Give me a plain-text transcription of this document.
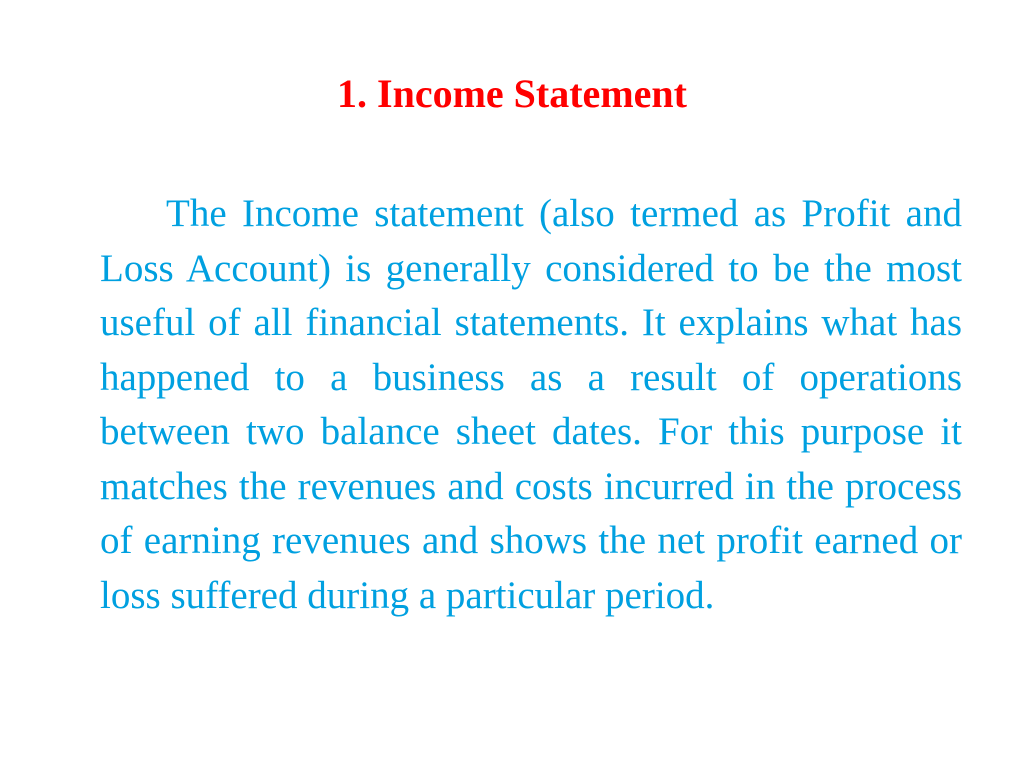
1. Income Statement

The Income statement (also termed as Profit and Loss Account) is generally considered to be the most useful of all financial statements. It explains what has happened to a business as a result of operations between two balance sheet dates. For this purpose it matches the revenues and costs incurred in the process of earning revenues and shows the net profit earned or loss suffered during a particular period.
